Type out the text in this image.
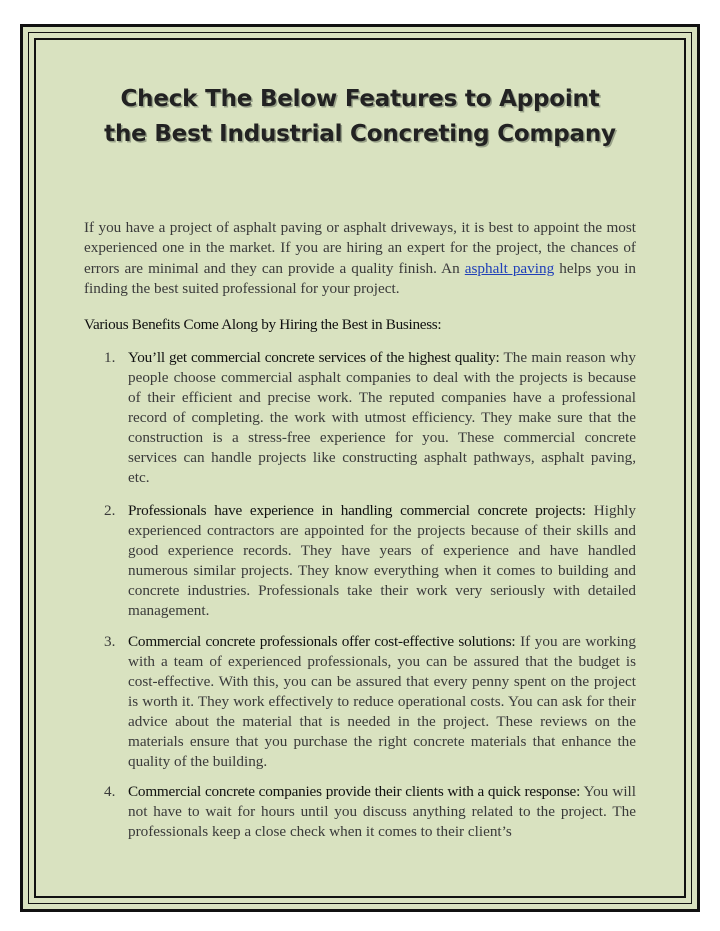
Check The Below Features to Appoint
the Best Industrial Concreting Company

If you have a project of asphalt paving or asphalt driveways, it is best to appoint the most experienced one in the market. If you are hiring an expert for the project, the chances of errors are minimal and they can provide a quality finish. An asphalt paving helps you in finding the best suited professional for your project.

Various Benefits Come Along by Hiring the Best in Business:

1. You’ll get commercial concrete services of the highest quality: The main reason why people choose commercial asphalt companies to deal with the projects is because of their efficient and precise work. The reputed companies have a professional record of completing. the work with utmost efficiency. They make sure that the construction is a stress-free experience for you. These commercial concrete services can handle projects like constructing asphalt pathways, asphalt paving, etc.

2. Professionals have experience in handling commercial concrete projects: Highly experienced contractors are appointed for the projects because of their skills and good experience records. They have years of experience and have handled numerous similar projects. They know everything when it comes to building and concrete industries. Professionals take their work very seriously with detailed management.

3. Commercial concrete professionals offer cost-effective solutions: If you are working with a team of experienced professionals, you can be assured that the budget is cost-effective. With this, you can be assured that every penny spent on the project is worth it. They work effectively to reduce operational costs. You can ask for their advice about the material that is needed in the project. These reviews on the materials ensure that you purchase the right concrete materials that enhance the quality of the building.

4. Commercial concrete companies provide their clients with a quick response: You will not have to wait for hours until you discuss anything related to the project. The professionals keep a close check when it comes to their client’s
